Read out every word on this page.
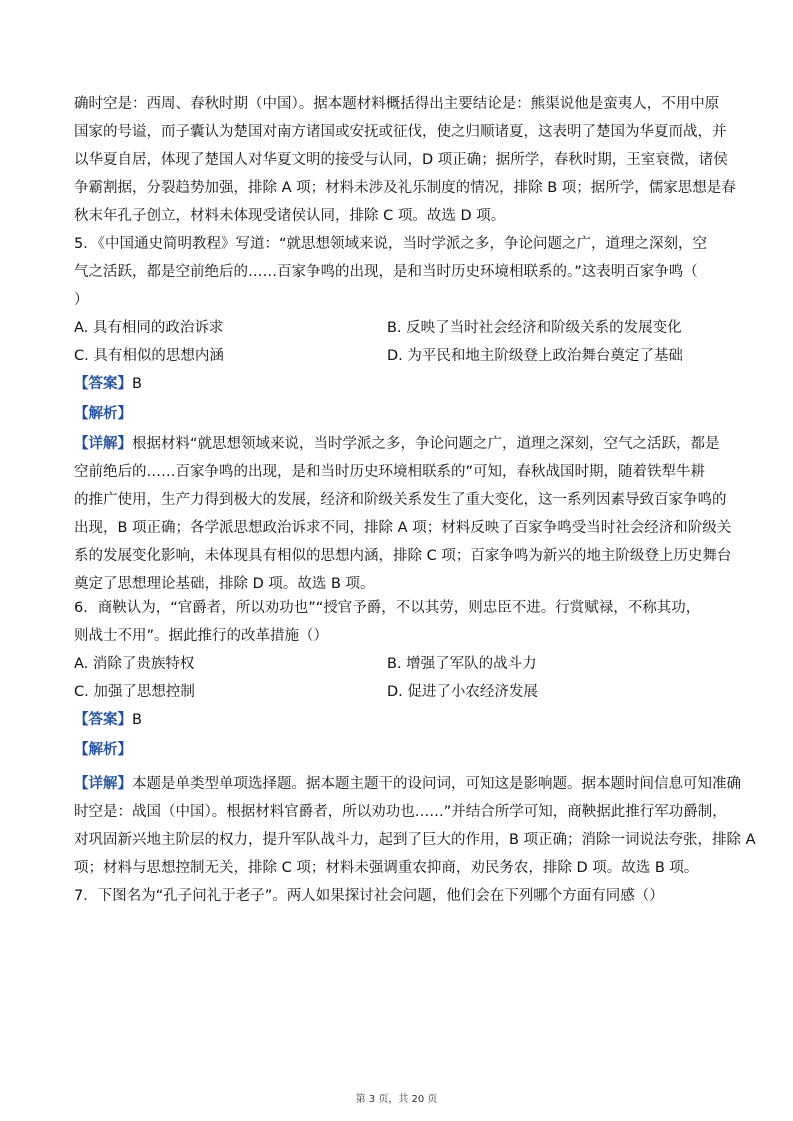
确时空是：西周、春秋时期（中国）。据本题材料概括得出主要结论是：熊渠说他是蛮夷人，不用中原
国家的号谥，而子囊认为楚国对南方诸国或安抚或征伐，使之归顺诸夏，这表明了楚国为华夏而战，并
以华夏自居，体现了楚国人对华夏文明的接受与认同，D 项正确；据所学，春秋时期，王室衰微，诸侯
争霸割据，分裂趋势加强，排除 A 项；材料未涉及礼乐制度的情况，排除 B 项；据所学，儒家思想是春
秋末年孔子创立，材料未体现受诸侯认同，排除 C 项。故选 D 项。
5．《中国通史简明教程》写道：“就思想领域来说，当时学派之多，争论问题之广，道理之深刻，空
气之活跃，都是空前绝后的……百家争鸣的出现，是和当时历史环境相联系的。”这表明百家争鸣（
）
A. 具有相同的政治诉求	B. 反映了当时社会经济和阶级关系的发展变化
C. 具有相似的思想内涵	D. 为平民和地主阶级登上政治舞台奠定了基础
【答案】B
【解析】
【详解】根据材料“就思想领域来说，当时学派之多，争论问题之广，道理之深刻，空气之活跃，都是
空前绝后的……百家争鸣的出现，是和当时历史环境相联系的”可知，春秋战国时期，随着铁犁牛耕
的推广使用，生产力得到极大的发展，经济和阶级关系发生了重大变化，这一系列因素导致百家争鸣的
出现，B 项正确；各学派思想政治诉求不同，排除 A 项；材料反映了百家争鸣受当时社会经济和阶级关
系的发展变化影响，未体现具有相似的思想内涵，排除 C 项；百家争鸣为新兴的地主阶级登上历史舞台
奠定了思想理论基础，排除 D 项。故选 B 项。
6．商鞅认为，“官爵者，所以劝功也”“授官予爵，不以其劳，则忠臣不进。行赏赋禄，不称其功，
则战士不用”。据此推行的改革措施（）
A. 消除了贵族特权	B. 增强了军队的战斗力
C. 加强了思想控制	D. 促进了小农经济发展
【答案】B
【解析】
【详解】本题是单类型单项选择题。据本题主题干的设问词，可知这是影响题。据本题时间信息可知准确
时空是：战国（中国）。根据材料官爵者，所以劝功也……”并结合所学可知，商鞅据此推行军功爵制，
对巩固新兴地主阶层的权力，提升军队战斗力，起到了巨大的作用，B 项正确；消除一词说法夸张，排除 A
项；材料与思想控制无关，排除 C 项；材料未强调重农抑商，劝民务农，排除 D 项。故选 B 项。
7．下图名为“孔子问礼于老子”。两人如果探讨社会问题，他们会在下列哪个方面有同感（）
第 3 页，共 20 页
